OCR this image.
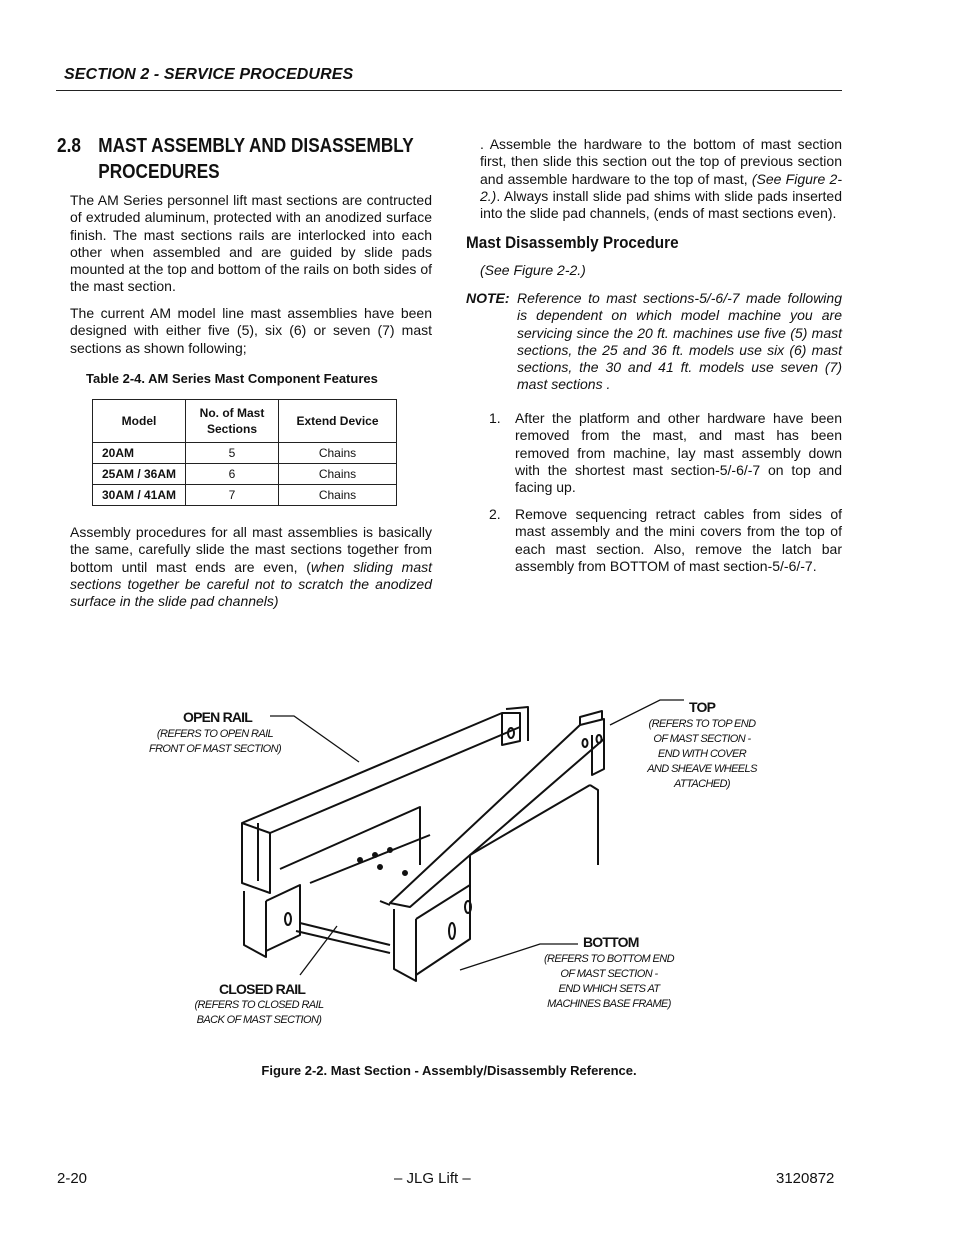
SECTION 2 - SERVICE PROCEDURES
2.8 MAST ASSEMBLY AND DISASSEMBLY
PROCEDURES
The AM Series personnel lift mast sections are contructed of extruded aluminum, protected with an anodized surface finish. The mast sections rails are interlocked into each other when assembled and are guided by slide pads mounted at the top and bottom of the rails on both sides of the mast section.
The current AM model line mast assemblies have been designed with either five (5), six (6) or seven (7) mast sections as shown following;
Table 2-4. AM Series Mast Component Features
Model	No. of Mast Sections	Extend Device
20AM	5	Chains
25AM / 36AM	6	Chains
30AM / 41AM	7	Chains
Assembly procedures for all mast assemblies is basically the same, carefully slide the mast sections together from bottom until mast ends are even, (when sliding mast sections together be careful not to scratch the anodized surface in the slide pad channels)
. Assemble the hardware to the bottom of mast section first, then slide this section out the top of previous section and assemble hardware to the top of mast, (See Figure 2-2.). Always install slide pad shims with slide pads inserted into the slide pad channels, (ends of mast sections even).
Mast Disassembly Procedure
(See Figure 2-2.)
NOTE: Reference to mast sections-5/-6/-7 made following is dependent on which model machine you are servicing since the 20 ft. machines use five (5) mast sections, the 25 and 36 ft. models use six (6) mast sections, the 30 and 41 ft. models use seven (7) mast sections .
1. After the platform and other hardware have been removed from the mast, and mast has been removed from machine, lay mast assembly down with the shortest mast section-5/-6/-7 on top and facing up.
2. Remove sequencing retract cables from sides of mast assembly and the mini covers from the top of each mast section. Also, remove the latch bar assembly from BOTTOM of mast section-5/-6/-7.
OPEN RAIL
(REFERS TO OPEN RAIL
FRONT OF MAST SECTION)
TOP
(REFERS TO TOP END
OF MAST SECTION -
END WITH COVER
AND SHEAVE WHEELS
ATTACHED)
BOTTOM
(REFERS TO BOTTOM END
OF MAST SECTION -
END WHICH SETS AT
MACHINES BASE FRAME)
CLOSED RAIL
(REFERS TO CLOSED RAIL
BACK OF MAST SECTION)
Figure 2-2. Mast Section - Assembly/Disassembly Reference.
2-20	– JLG Lift –	3120872
